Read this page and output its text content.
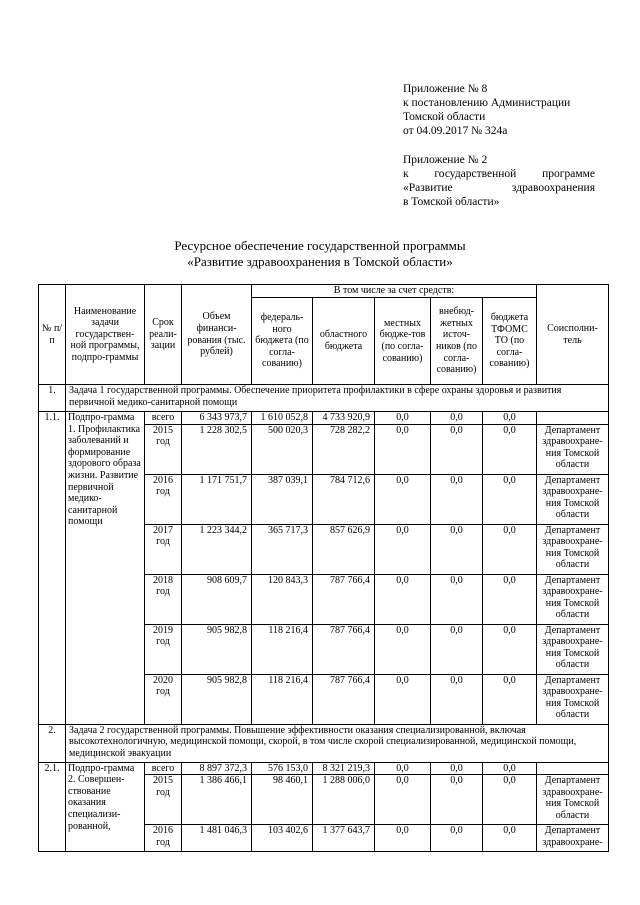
Приложение № 8
к постановлению Администрации
Томской области
от 04.09.2017 № 324а
Приложение № 2
к государственной программе
«Развитие здравоохранения
в Томской области»
Ресурсное обеспечение государственной программы
«Развитие здравоохранения в Томской области»
№ п/п	Наименование задачи государствен-ной программы, подпро-граммы	Срок реали-зации	Объем финанси-рования (тыс. рублей)	В том числе за счет средств:					Соисполни-тель
				федераль-ного бюджета (по согла-сованию)	областного бюджета	местных бюдже-тов (по согла-сованию)	внебюд-жетных источ-ников (по согла-сованию)	бюджета ТФОМС ТО (по согла-сованию)	
1.	Задача 1 государственной программы. Обеспечение приоритета профилактики в сфере охраны здоровья и развития первичной медико-санитарной помощи								
1.1.	Подпро-грамма 1. Профилактика заболеваний и формирование здорового образа жизни. Развитие первичной медико-санитарной помощи	всего	6 343 973,7	1 610 052,8	4 733 920,9	0,0	0,0	0,0	
		2015 год	1 228 302,5	500 020,3	728 282,2	0,0	0,0	0,0	Департамент здравоохране-ния Томской области
		2016 год	1 171 751,7	387 039,1	784 712,6	0,0	0,0	0,0	Департамент здравоохране-ния Томской области
		2017 год	1 223 344,2	365 717,3	857 626,9	0,0	0,0	0,0	Департамент здравоохране-ния Томской области
		2018 год	908 609,7	120 843,3	787 766,4	0,0	0,0	0,0	Департамент здравоохране-ния Томской области
		2019 год	905 982,8	118 216,4	787 766,4	0,0	0,0	0,0	Департамент здравоохране-ния Томской области
		2020 год	905 982,8	118 216,4	787 766,4	0,0	0,0	0,0	Департамент здравоохране-ния Томской области
2.	Задача 2 государственной программы. Повышение эффективности оказания специализированной, включая высокотехнологичную, медицинской помощи, скорой, в том числе скорой специализированной, медицинской помощи, медицинской эвакуации								
2.1.	Подпро-грамма 2. Совершен-ствование оказания специализи-рованной,	всего	8 897 372,3	576 153,0	8 321 219,3	0,0	0,0	0,0	
		2015 год	1 386 466,1	98 460,1	1 288 006,0	0,0	0,0	0,0	Департамент здравоохране-ния Томской области
		2016 год	1 481 046,3	103 402,6	1 377 643,7	0,0	0,0	0,0	Департамент здравоохране-
